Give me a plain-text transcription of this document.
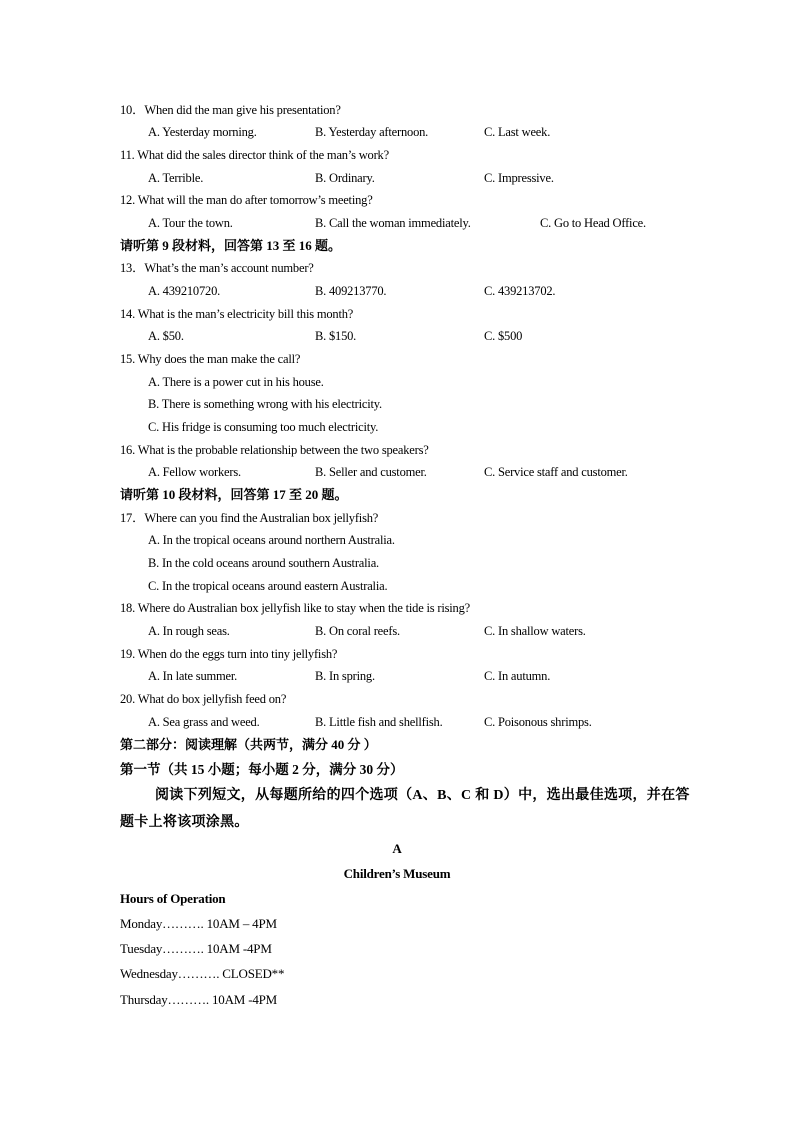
10．When did the man give his presentation?
A. Yesterday morning.	B. Yesterday afternoon.	C. Last week.
11. What did the sales director think of the man’s work?
A. Terrible.	B. Ordinary.	C. Impressive.
12. What will the man do after tomorrow’s meeting?
A. Tour the town.	B. Call the woman immediately.	C. Go to Head Office.
请听第 9 段材料，回答第 13 至 16 题。
13．What’s the man’s account number?
A. 439210720.	B. 409213770.	C. 439213702.
14. What is the man’s electricity bill this month?
A. $50.	B. $150.	C. $500
15. Why does the man make the call?
A. There is a power cut in his house.
B. There is something wrong with his electricity.
C. His fridge is consuming too much electricity.
16. What is the probable relationship between the two speakers?
A. Fellow workers.	B. Seller and customer.	C. Service staff and customer.
请听第 10 段材料，回答第 17 至 20 题。
17．Where can you find the Australian box jellyfish?
A. In the tropical oceans around northern Australia.
B. In the cold oceans around southern Australia.
C. In the tropical oceans around eastern Australia.
18. Where do Australian box jellyfish like to stay when the tide is rising?
A. In rough seas.	B. On coral reefs.	C. In shallow waters.
19. When do the eggs turn into tiny jellyfish?
A. In late summer.	B. In spring.	C. In autumn.
20. What do box jellyfish feed on?
A. Sea grass and weed.	B. Little fish and shellfish.	C. Poisonous shrimps.
第二部分：阅读理解（共两节，满分 40 分 ）
第一节（共 15 小题；每小题 2 分，满分 30 分）
阅读下列短文，从每题所给的四个选项（A、B、C 和 D）中，选出最佳选项，并在答
题卡上将该项涂黑。
A
Children’s Museum
Hours of Operation
Monday………. 10AM – 4PM
Tuesday………. 10AM -4PM
Wednesday………. CLOSED**
Thursday………. 10AM -4PM
